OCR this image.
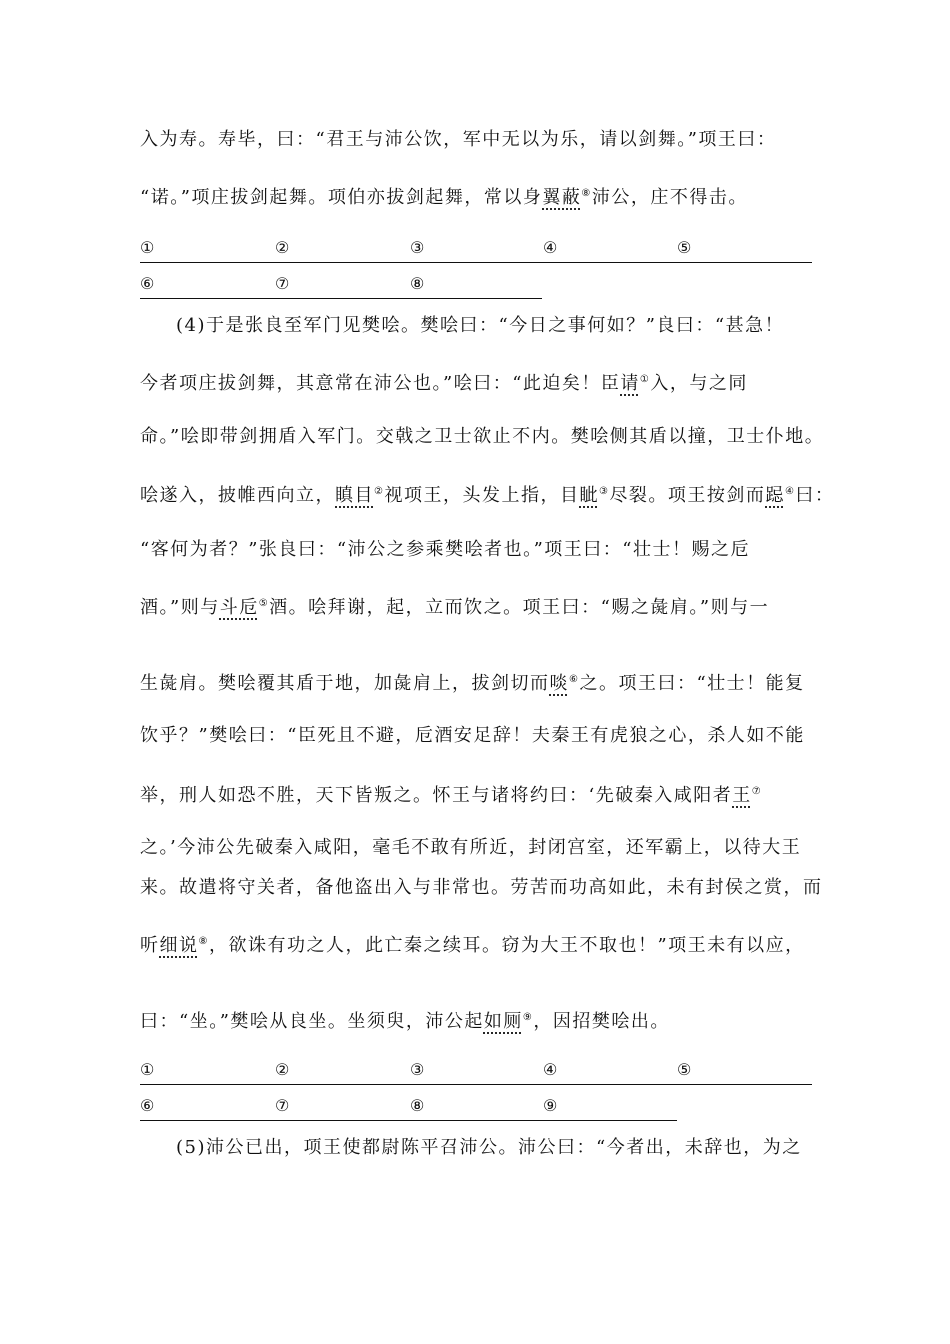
入为寿。寿毕，曰：“君王与沛公饮，军中无以为乐，请以剑舞。”项王曰：
“诺。”项庄拔剑起舞。项伯亦拔剑起舞，常以身翼蔽⑧沛公，庄不得击。
①	②	③	④	⑤
⑥	⑦	⑧
(4)于是张良至军门见樊哙。樊哙曰：“今日之事何如？”良曰：“甚急！
今者项庄拔剑舞，其意常在沛公也。”哙曰：“此迫矣！臣请①入，与之同
命。”哙即带剑拥盾入军门。交戟之卫士欲止不内。樊哙侧其盾以撞，卫士仆地。
哙遂入，披帷西向立，瞋目②视项王，头发上指，目眦③尽裂。项王按剑而跽④曰：
“客何为者？”张良曰：“沛公之参乘樊哙者也。”项王曰：“壮士！赐之卮
酒。”则与斗卮⑤酒。哙拜谢，起，立而饮之。项王曰：“赐之彘肩。”则与一
生彘肩。樊哙覆其盾于地，加彘肩上，拔剑切而啖⑥之。项王曰：“壮士！能复
饮乎？”樊哙曰：“臣死且不避，卮酒安足辞！夫秦王有虎狼之心，杀人如不能
举，刑人如恐不胜，天下皆叛之。怀王与诸将约曰：‘先破秦入咸阳者王⑦
之。’今沛公先破秦入咸阳，毫毛不敢有所近，封闭宫室，还军霸上，以待大王
来。故遣将守关者，备他盗出入与非常也。劳苦而功高如此，未有封侯之赏，而
听细说⑧，欲诛有功之人，此亡秦之续耳。窃为大王不取也！”项王未有以应，
曰：“坐。”樊哙从良坐。坐须臾，沛公起如厕⑨，因招樊哙出。
①	②	③	④	⑤
⑥	⑦	⑧	⑨
(5)沛公已出，项王使都尉陈平召沛公。沛公曰：“今者出，未辞也，为之
